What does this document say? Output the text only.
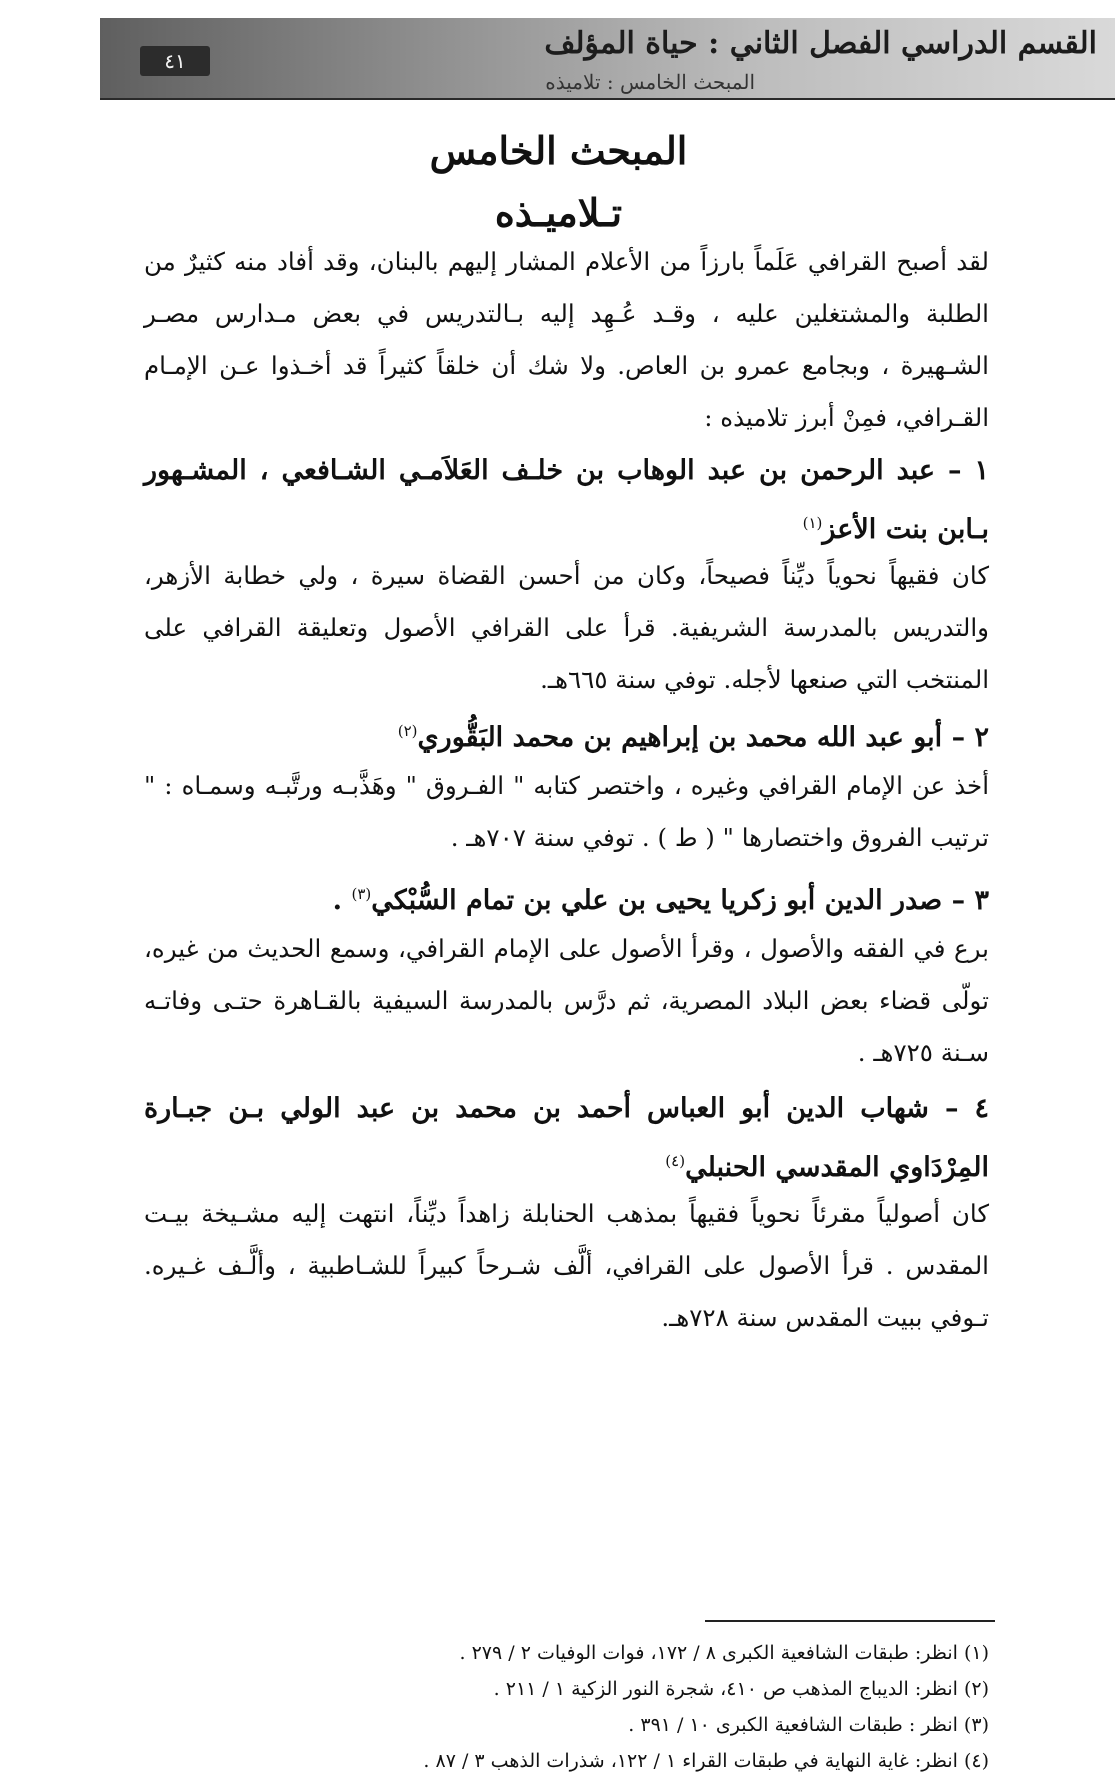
القسم الدراسي الفصل الثاني : حياة المؤلف
المبحث الخامس : تلاميذه
٤١
المبحث الخامس
تـلاميـذه

لقد أصبح القرافي عَلَماً بارزاً من الأعلام المشار إليهم بالبنان، وقد أفاد منه كثيرٌ من الطلبة والمشتغلين عليه ، وقـد عُـهِد إليه بـالتدريس في بعض مـدارس مصـر الشـهيرة ، وبجامع عمرو بن العاص. ولا شك أن خلقاً كثيراً قد أخـذوا عـن الإمـام القـرافي، فمِنْ أبرز تلاميذه :

١ – عبد الرحمن بن عبد الوهاب بن خلـف العَلاَمـي الشـافعي ، المشـهور بـابن بنت الأعز$^{(١)}$

كان فقيهاً نحوياً ديِّناً فصيحاً، وكان من أحسن القضاة سيرة ، ولي خطابة الأزهر، والتدريس بالمدرسة الشريفية. قرأ على القرافي الأصول وتعليقة القرافي على المنتخب التي صنعها لأجله. توفي سنة ٦٦٥هـ.

٢ – أبو عبد الله محمد بن إبراهيم بن محمد البَقُّوري$^{(٢)}$

أخذ عن الإمام القرافي وغيره ، واختصر كتابه " الفـروق " وهَذَّبـه ورتَّبـه وسمـاه : " ترتيب الفروق واختصارها " ( ط ) . توفي سنة ٧٠٧هـ .

٣ – صدر الدين أبو زكريا يحيى بن علي بن تمام السُّبْكي$^{(٣)}$ .

برع في الفقه والأصول ، وقرأ الأصول على الإمام القرافي، وسمع الحديث من غيره، تولّى قضاء بعض البلاد المصرية، ثم درَّس بالمدرسة السيفية بالقـاهرة حتـى وفاتـه سـنة ٧٢٥هـ .

٤ – شهاب الدين أبو العباس أحمد بن محمد بن عبد الولي بـن جبـارة المِرْدَاوي المقدسي الحنبلي$^{(٤)}$

كان أصولياً مقرئاً نحوياً فقيهاً بمذهب الحنابلة زاهداً ديِّناً، انتهت إليه مشـيخة بيـت المقدس . قرأ الأصول على القرافي، ألَّف شـرحاً كبيراً للشـاطبية ، وألَّـف غـيره. تـوفي ببيت المقدس سنة ٧٢٨هـ.

(١) انظر: طبقات الشافعية الكبرى ٨ / ١٧٢، فوات الوفيات ٢ / ٢٧٩ .
(٢) انظر: الديباج المذهب ص ٤١٠، شجرة النور الزكية ١ / ٢١١ .
(٣) انظر : طبقات الشافعية الكبرى ١٠ / ٣٩١ .
(٤) انظر: غاية النهاية في طبقات القراء ١ / ١٢٢، شذرات الذهب ٣ / ٨٧ .
